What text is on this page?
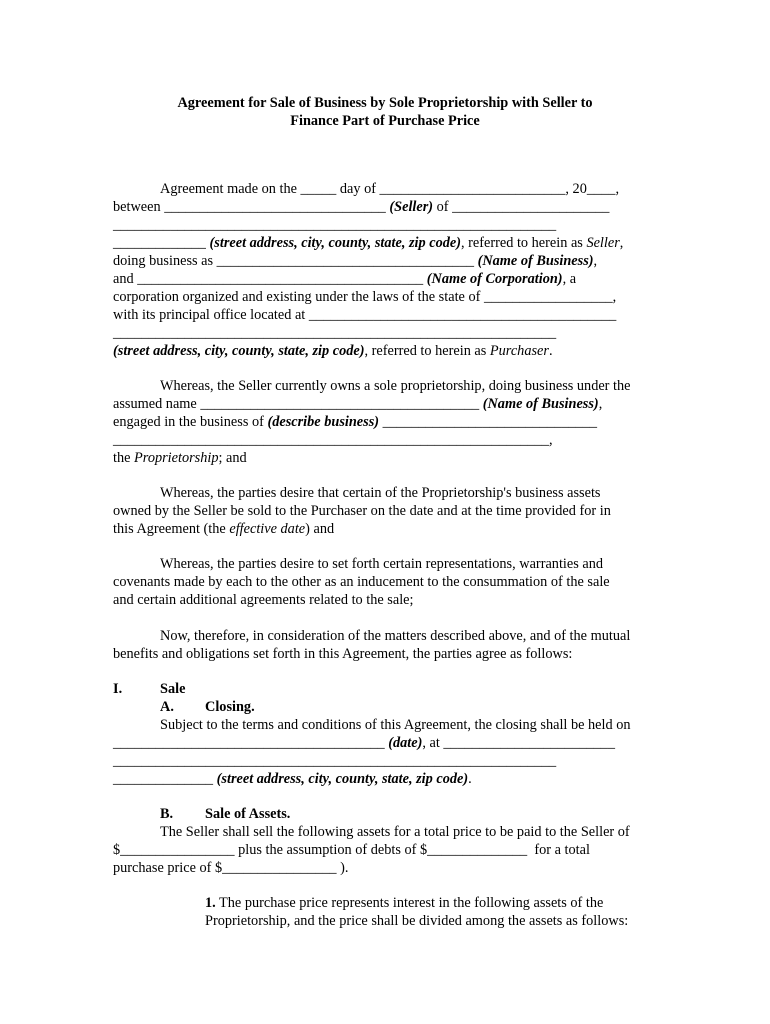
Agreement for Sale of Business by Sole Proprietorship with Seller to
Finance Part of Purchase Price

Agreement made on the _____ day of __________________________, 20____,

between _______________________________ (Seller) of ______________________

______________________________________________________________

_____________ (street address, city, county, state, zip code), referred to herein as Seller,

doing business as ____________________________________ (Name of Business),

and ________________________________________ (Name of Corporation), a

corporation organized and existing under the laws of the state of __________________,

with its principal office located at ___________________________________________

______________________________________________________________

(street address, city, county, state, zip code), referred to herein as Purchaser.

Whereas, the Seller currently owns a sole proprietorship, doing business under the

assumed name _______________________________________ (Name of Business),

engaged in the business of (describe business) ______________________________

_____________________________________________________________,

the Proprietorship; and

Whereas, the parties desire that certain of the Proprietorship's business assets

owned by the Seller be sold to the Purchaser on the date and at the time provided for in

this Agreement (the effective date) and

Whereas, the parties desire to set forth certain representations, warranties and

covenants made by each to the other as an inducement to the consummation of the sale

and certain additional agreements related to the sale;

Now, therefore, in consideration of the matters described above, and of the mutual

benefits and obligations set forth in this Agreement, the parties agree as follows:

I.	Sale

A. Closing.

Subject to the terms and conditions of this Agreement, the closing shall be held on

______________________________________ (date), at ________________________

______________________________________________________________

______________ (street address, city, county, state, zip code).

B. Sale of Assets.

The Seller shall sell the following assets for a total price to be paid to the Seller of

$________________ plus the assumption of debts of $______________  for a total

purchase price of $________________ ).

1. The purchase price represents interest in the following assets of the

Proprietorship, and the price shall be divided among the assets as follows:
